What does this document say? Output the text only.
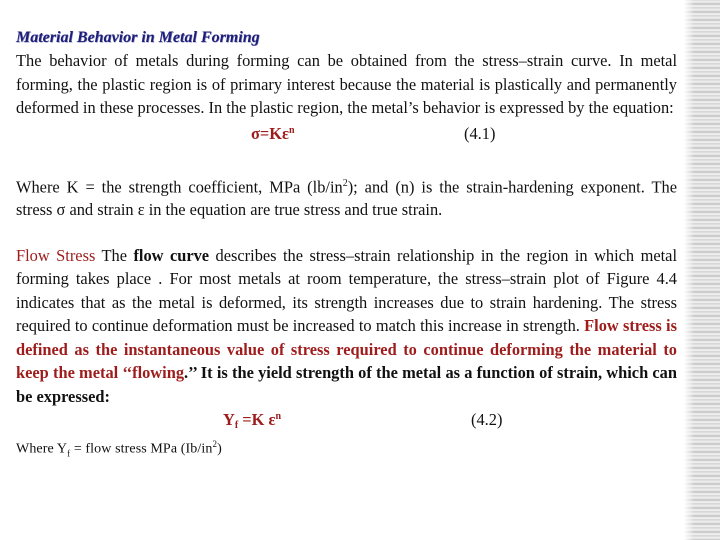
Material Behavior in Metal Forming

The behavior of metals during forming can be obtained from the stress–strain curve. In metal forming, the plastic region is of primary interest because the material is plastically and permanently deformed in these processes. In the plastic region, the metal’s behavior is expressed by the equation:

$\sigma=K\varepsilon^n$	(4.1)

Where K = the strength coefficient, MPa $(lb/in^2)$; and (n) is the strain-hardening exponent. The stress σ and strain ε in the equation are true stress and true strain.

Flow Stress The flow curve describes the stress–strain relationship in the region in which metal forming takes place . For most metals at room temperature, the stress–strain plot of Figure 4.4 indicates that as the metal is deformed, its strength increases due to strain hardening. The stress required to continue deformation must be increased to match this increase in strength. Flow stress is defined as the instantaneous value of stress required to continue deforming the material to keep the metal ‘‘flowing.’’ It is the yield strength of the metal as a function of strain, which can be expressed:

$Y_f =K$ $\varepsilon^n$	(4.2)
Where $Y_f$ = flow stress MPa $(Ib/in^2)$
